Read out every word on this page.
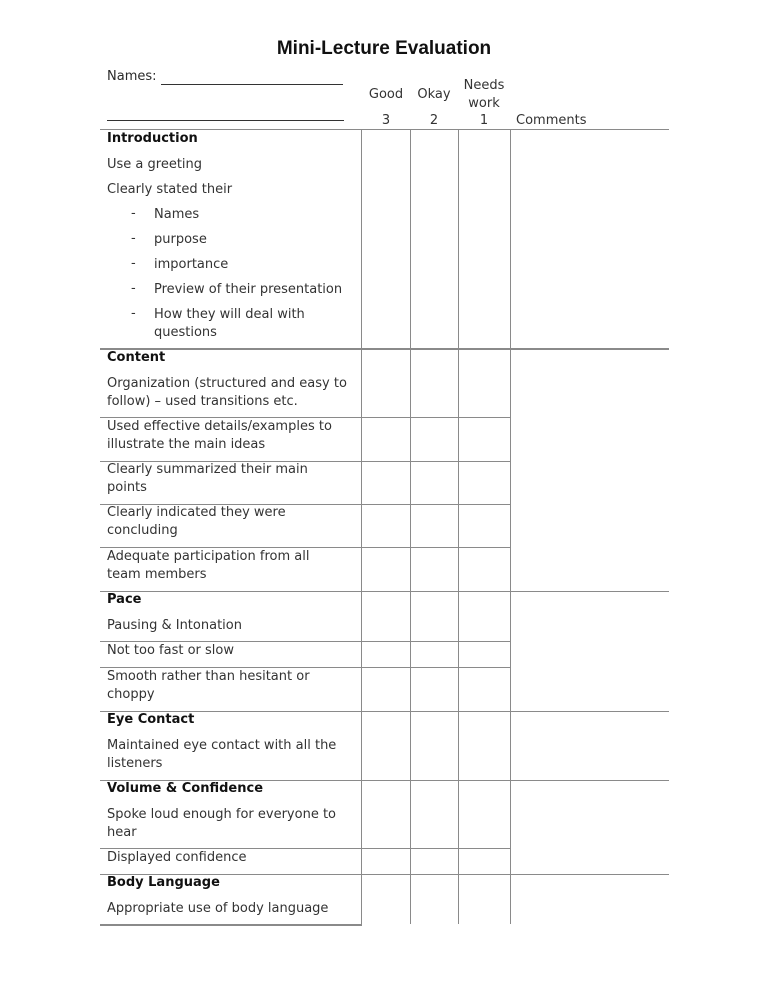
Mini-Lecture Evaluation
Names:
Good
3
Okay
2
Needs work
1	Comments
Introduction
Use a greeting
Clearly stated their
- Names
- purpose
- importance
- Preview of their presentation
- How they will deal with questions
Content
Organization (structured and easy to follow) – used transitions etc.
Used effective details/examples to illustrate the main ideas
Clearly summarized their main points
Clearly indicated they were concluding
Adequate participation from all team members
Pace
Pausing & Intonation
Not too fast or slow
Smooth rather than hesitant or choppy
Eye Contact
Maintained eye contact with all the listeners
Volume & Confidence
Spoke loud enough for everyone to hear
Displayed confidence
Body Language
Appropriate use of body language
